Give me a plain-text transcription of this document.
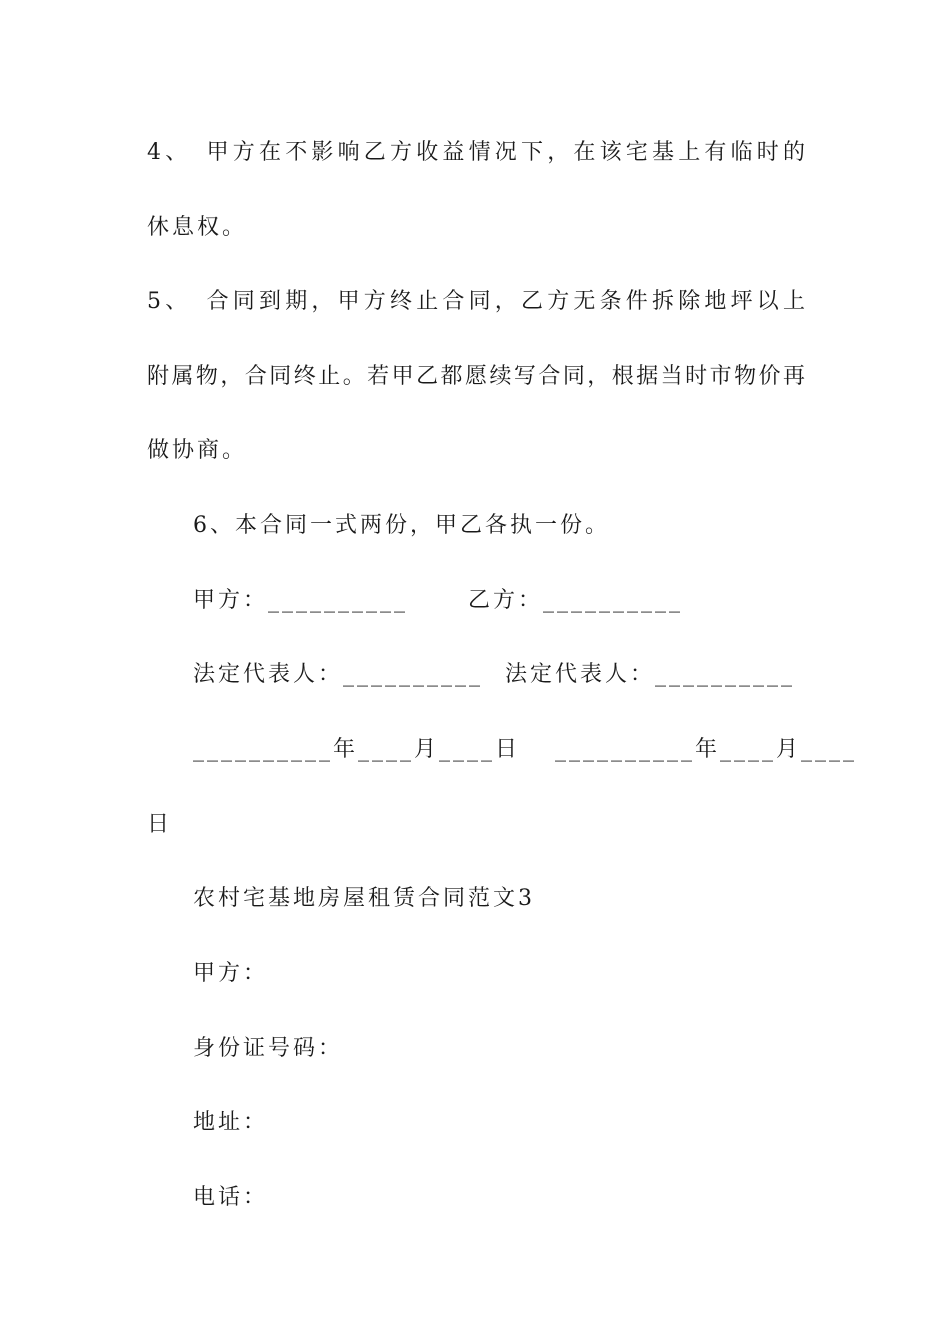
4、　甲方在不影响乙方收益情况下，在该宅基上有临时的
休息权。
5、　合同到期，甲方终止合同，乙方无条件拆除地坪以上
附属物，合同终止。若甲乙都愿续写合同，根据当时市物价再
做协商。
6、本合同一式两份，甲乙各执一份。
甲方：__________	乙方：__________
法定代表人：__________ 法定代表人：__________
__________年____月____日 __________年____月____
日
农村宅基地房屋租赁合同范文3
甲方：
身份证号码：
地址：
电话：
